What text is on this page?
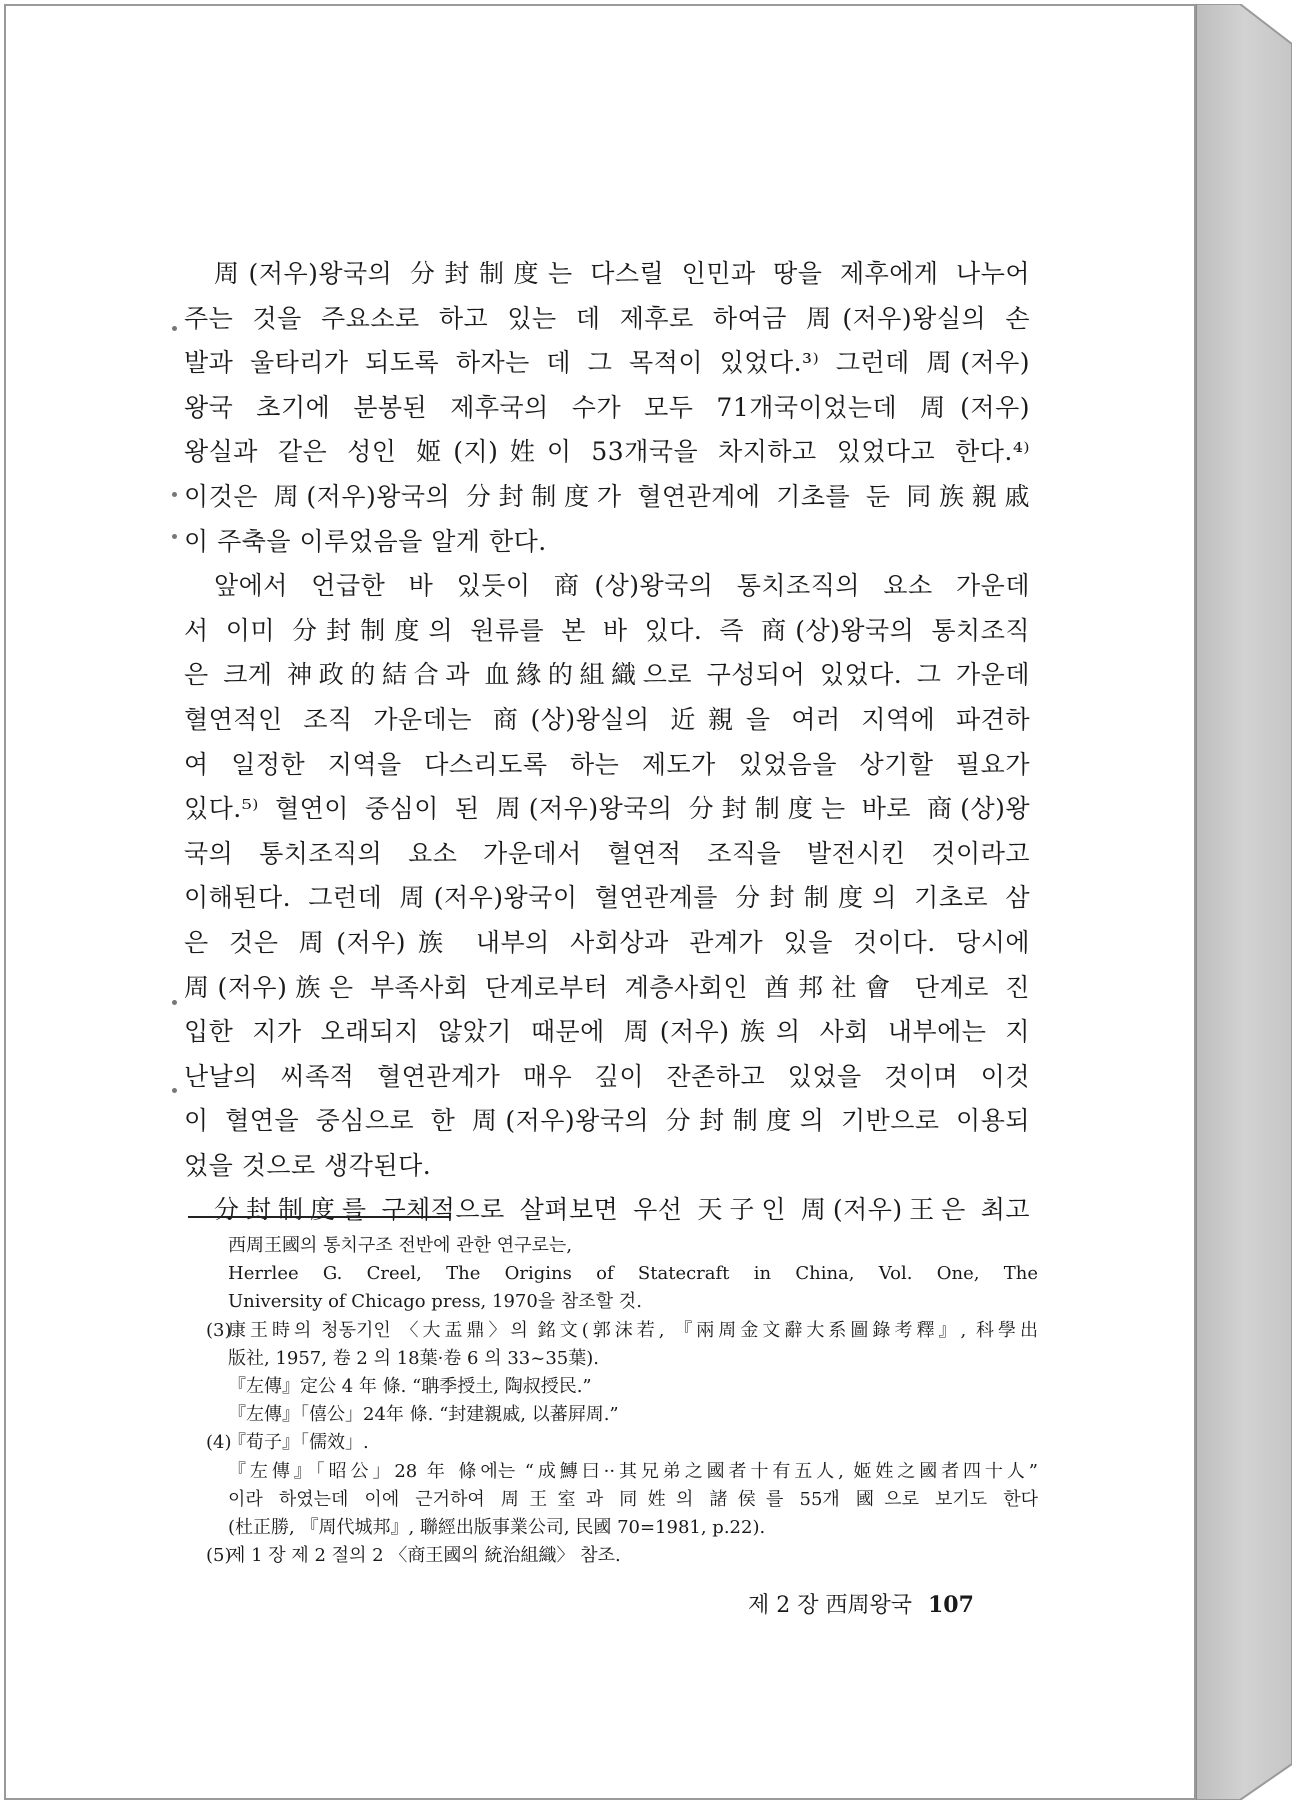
周(저우)왕국의 分封制度는 다스릴 인민과 땅을 제후에게 나누어
주는 것을 주요소로 하고 있는 데 제후로 하여금 周(저우)왕실의 손
발과 울타리가 되도록 하자는 데 그 목적이 있었다.³⁾ 그런데 周(저우)
왕국 초기에 분봉된 제후국의 수가 모두 71개국이었는데 周(저우)
왕실과 같은 성인 姬(지)姓이 53개국을 차지하고 있었다고 한다.⁴⁾
이것은 周(저우)왕국의 分封制度가 혈연관계에 기초를 둔 同族親戚
이 주축을 이루었음을 알게 한다.
앞에서 언급한 바 있듯이 商(상)왕국의 통치조직의 요소 가운데
서 이미 分封制度의 원류를 본 바 있다. 즉 商(상)왕국의 통치조직
은 크게 神政的結合과 血緣的組織으로 구성되어 있었다. 그 가운데
혈연적인 조직 가운데는 商(상)왕실의 近親을 여러 지역에 파견하
여 일정한 지역을 다스리도록 하는 제도가 있었음을 상기할 필요가
있다.⁵⁾ 혈연이 중심이 된 周(저우)왕국의 分封制度는 바로 商(상)왕
국의 통치조직의 요소 가운데서 혈연적 조직을 발전시킨 것이라고
이해된다. 그런데 周(저우)왕국이 혈연관계를 分封制度의 기초로 삼
은 것은 周(저우)族 내부의 사회상과 관계가 있을 것이다. 당시에
周(저우)族은 부족사회 단계로부터 계층사회인 酋邦社會 단계로 진
입한 지가 오래되지 않았기 때문에 周(저우)族의 사회 내부에는 지
난날의 씨족적 혈연관계가 매우 깊이 잔존하고 있었을 것이며 이것
이 혈연을 중심으로 한 周(저우)왕국의 分封制度의 기반으로 이용되
었을 것으로 생각된다.
分封制度를 구체적으로 살펴보면 우선 天子인 周(저우)王은 최고
西周王國의 통치구조 전반에 관한 연구로는,
Herrlee G. Creel, The Origins of Statecraft in China, Vol. One, The
University of Chicago press, 1970을 참조할 것.
康王時의 청동기인 〈大盂鼎〉의 銘文(郭沫若, 『兩周金文辭大系圖錄考釋』, 科學出
版社, 1957, 卷 2 의 18葉·卷 6 의 33~35葉).
『左傳』定公 4 年 條. “聃季授土, 陶叔授民.”
『左傳』「僖公」24年 條. “封建親戚, 以蕃屛周.”
『荀子』「儒效」.
『左傳』「昭公」28 年 條에는 “成鱄曰··其兄弟之國者十有五人, 姬姓之國者四十人”
이라 하였는데 이에 근거하여 周王室과 同姓의 諸侯를 55개 國으로 보기도 한다
(杜正勝, 『周代城邦』, 聯經出版事業公司, 民國 70=1981, p.22).
제 1 장 제 2 절의 2 〈商王國의 統治組織〉 참조.
(3)
(4)
(5)
제 2 장 西周왕국 107
